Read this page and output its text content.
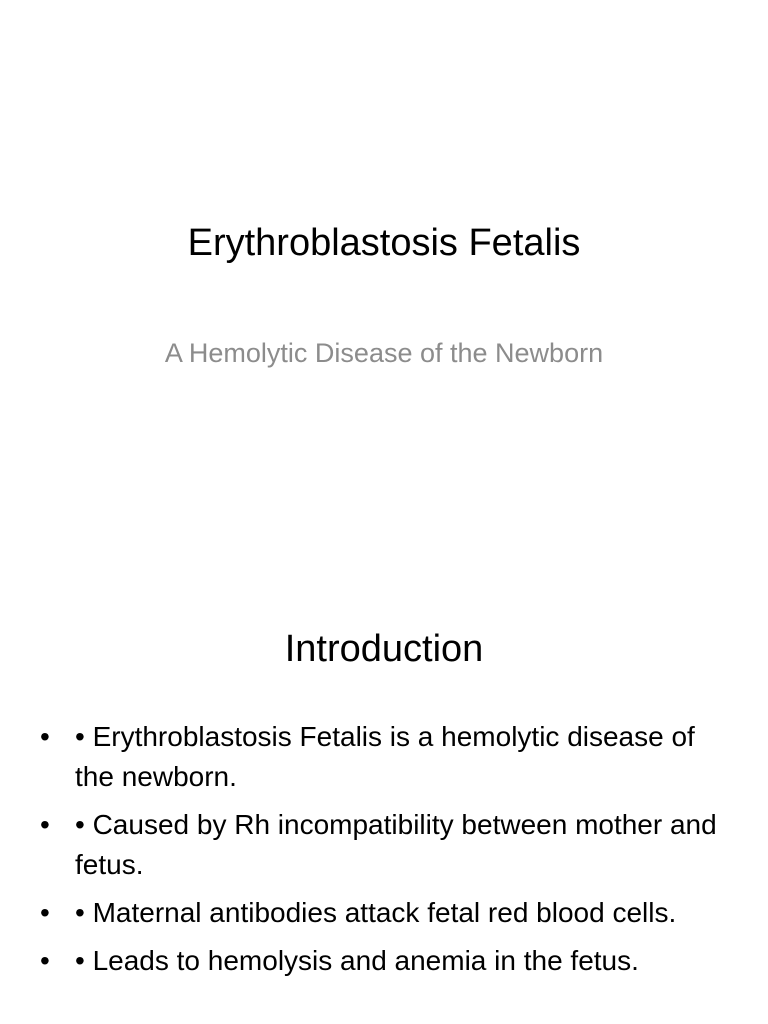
Erythroblastosis Fetalis
A Hemolytic Disease of the Newborn
Introduction
• • Erythroblastosis Fetalis is a hemolytic disease of the newborn.
• • Caused by Rh incompatibility between mother and fetus.
• • Maternal antibodies attack fetal red blood cells.
• • Leads to hemolysis and anemia in the fetus.
